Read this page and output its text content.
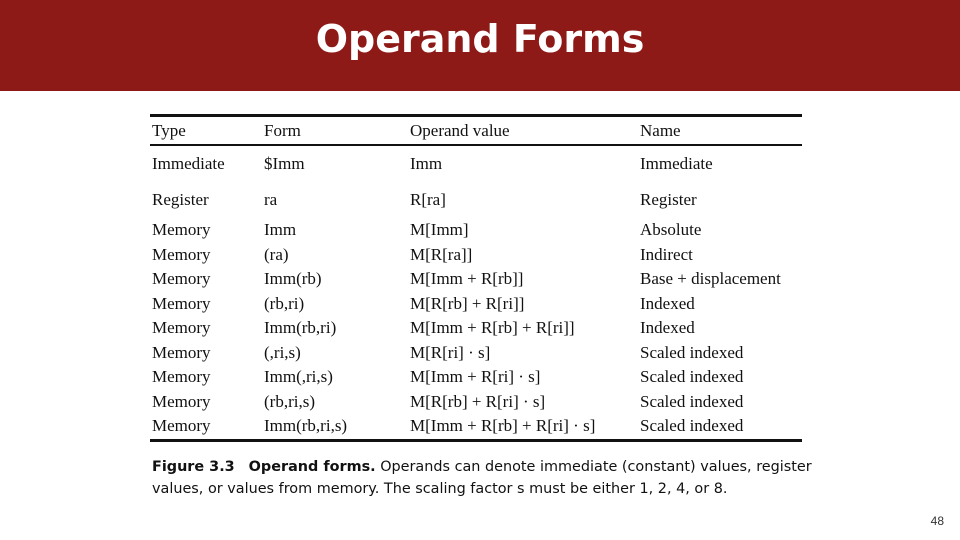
Operand Forms
Type	Form	Operand value	Name
Immediate	$Imm	Imm	Immediate
Register	ra	R[ra]	Register
Memory	Imm	M[Imm]	Absolute
Memory	(ra)	M[R[ra]]	Indirect
Memory	Imm(rb)	M[Imm + R[rb]]	Base + displacement
Memory	(rb,ri)	M[R[rb] + R[ri]]	Indexed
Memory	Imm(rb,ri)	M[Imm + R[rb] + R[ri]]	Indexed
Memory	(,ri,s)	M[R[ri] · s]	Scaled indexed
Memory	Imm(,ri,s)	M[Imm + R[ri] · s]	Scaled indexed
Memory	(rb,ri,s)	M[R[rb] + R[ri] · s]	Scaled indexed
Memory	Imm(rb,ri,s)	M[Imm + R[rb] + R[ri] · s]	Scaled indexed
Figure 3.3 Operand forms. Operands can denote immediate (constant) values, register values, or values from memory. The scaling factor s must be either 1, 2, 4, or 8.
48
